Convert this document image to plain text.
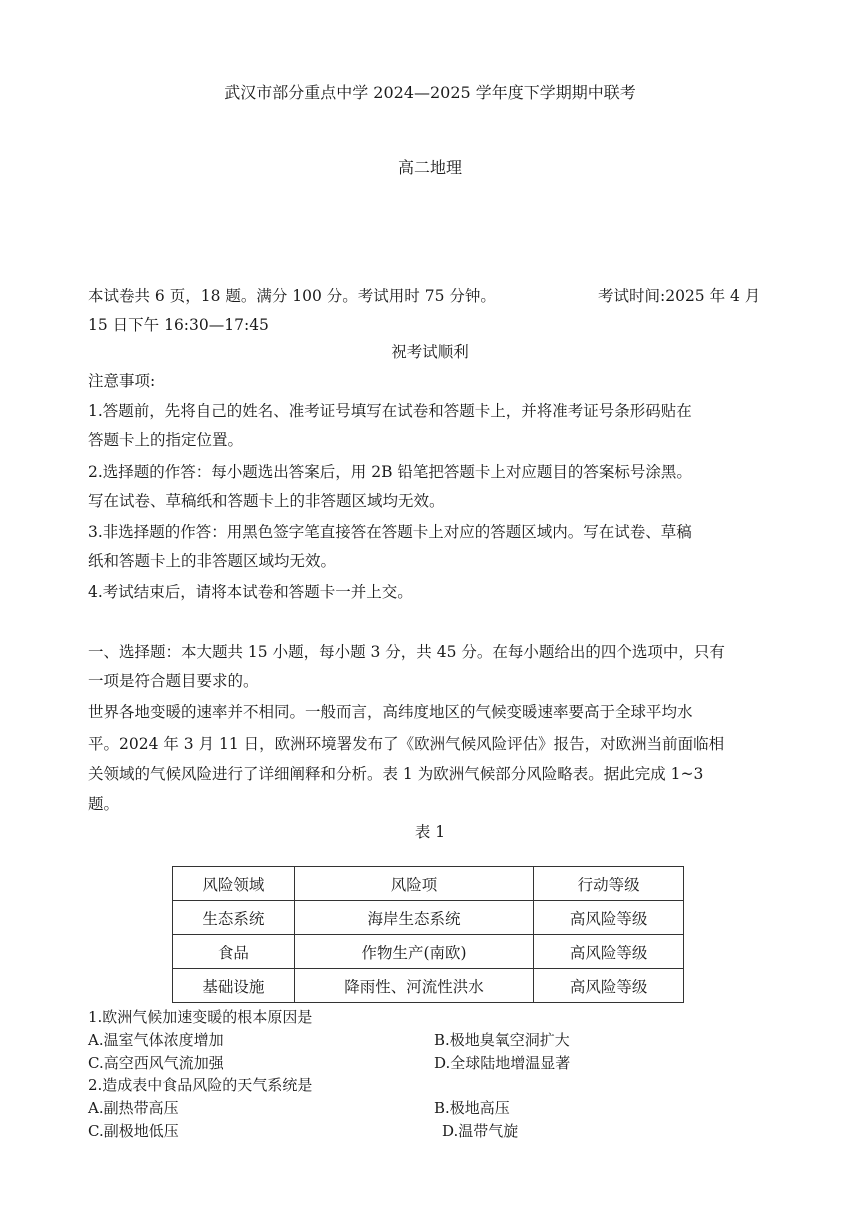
武汉市部分重点中学 2024—2025 学年度下学期期中联考
高二地理
本试卷共 6 页，18 题。满分 100 分。考试用时 75 分钟。	考试时间:2025 年 4 月
15 日下午 16:30—17:45
祝考试顺利
注意事项:
1.答题前，先将自己的姓名、准考证号填写在试卷和答题卡上，并将准考证号条形码贴在
答题卡上的指定位置。
2.选择题的作答：每小题选出答案后，用 2B 铅笔把答题卡上对应题目的答案标号涂黑。
写在试卷、草稿纸和答题卡上的非答题区域均无效。
3.非选择题的作答：用黑色签字笔直接答在答题卡上对应的答题区域内。写在试卷、草稿
纸和答题卡上的非答题区域均无效。
4.考试结束后，请将本试卷和答题卡一并上交。
一、选择题：本大题共 15 小题，每小题 3 分，共 45 分。在每小题给出的四个选项中，只有
一项是符合题目要求的。
世界各地变暖的速率并不相同。一般而言，高纬度地区的气候变暖速率要高于全球平均水
平。2024 年 3 月 11 日，欧洲环境署发布了《欧洲气候风险评估》报告，对欧洲当前面临相
关领域的气候风险进行了详细阐释和分析。表 1 为欧洲气候部分风险略表。据此完成 1~3
题。
表 1
风险领域	风险项	行动等级
生态系统	海岸生态系统	高风险等级
食品	作物生产(南欧)	高风险等级
基础设施	降雨性、河流性洪水	高风险等级
1.欧洲气候加速变暖的根本原因是
A.温室气体浓度增加	B.极地臭氧空洞扩大
C.高空西风气流加强	D.全球陆地增温显著
2.造成表中食品风险的天气系统是
A.副热带高压	B.极地高压
C.副极地低压	D.温带气旋
